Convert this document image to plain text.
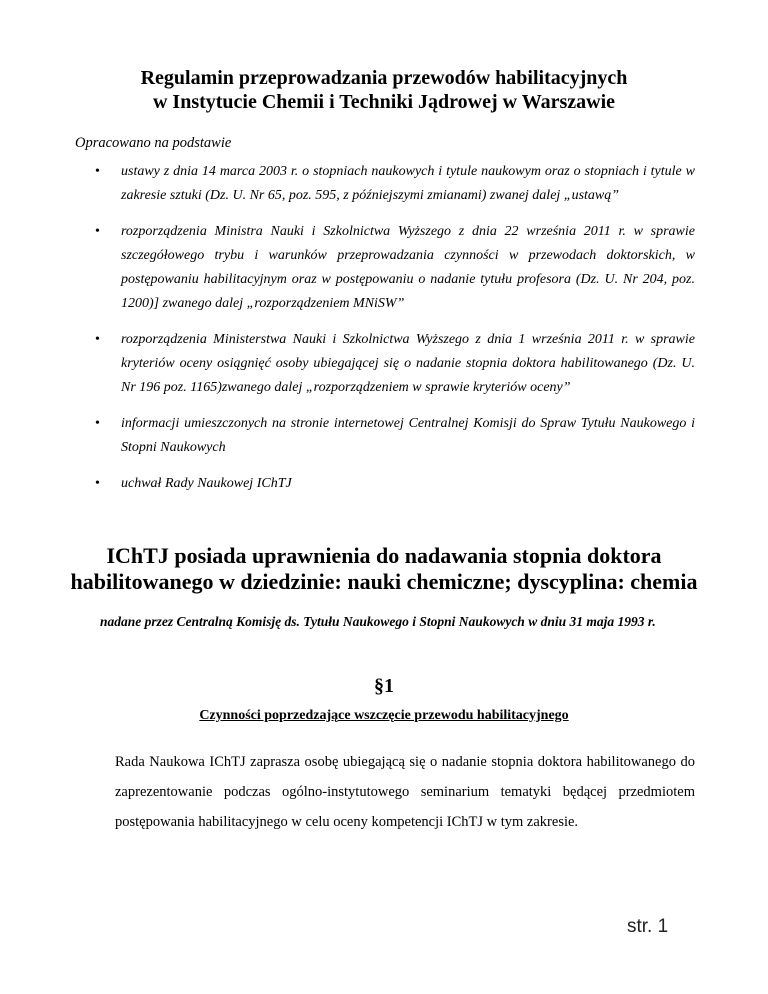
Regulamin przeprowadzania przewodów habilitacyjnych
w Instytucie Chemii i Techniki Jądrowej w Warszawie
Opracowano na podstawie
• ustawy z dnia 14 marca 2003 r. o stopniach naukowych i tytule naukowym oraz o stopniach i tytule w zakresie sztuki (Dz. U. Nr 65, poz. 595, z późniejszymi zmianami) zwanej dalej „ustawą”
• rozporządzenia Ministra Nauki i Szkolnictwa Wyższego z dnia 22 września 2011 r. w sprawie szczegółowego trybu i warunków przeprowadzania czynności w przewodach doktorskich, w postępowaniu habilitacyjnym oraz w postępowaniu o nadanie tytułu profesora (Dz. U. Nr 204, poz. 1200)] zwanego dalej „rozporządzeniem MNiSW”
• rozporządzenia Ministerstwa Nauki i Szkolnictwa Wyższego z dnia 1 września 2011 r. w sprawie kryteriów oceny osiągnięć osoby ubiegającej się o nadanie stopnia doktora habilitowanego (Dz. U. Nr 196 poz. 1165)zwanego dalej „rozporządzeniem w sprawie kryteriów oceny”
• informacji umieszczonych na stronie internetowej Centralnej Komisji do Spraw Tytułu Naukowego i Stopni Naukowych
• uchwał Rady Naukowej IChTJ
IChTJ posiada uprawnienia do nadawania stopnia doktora
habilitowanego w dziedzinie: nauki chemiczne; dyscyplina: chemia
nadane przez Centralną Komisję ds. Tytułu Naukowego i Stopni Naukowych w dniu 31 maja 1993 r.
§1
Czynności poprzedzające wszczęcie przewodu habilitacyjnego
Rada Naukowa IChTJ zaprasza osobę ubiegającą się o nadanie stopnia doktora habilitowanego do zaprezentowanie podczas ogólno-instytutowego seminarium tematyki będącej przedmiotem postępowania habilitacyjnego w celu oceny kompetencji IChTJ w tym zakresie.
str. 1
